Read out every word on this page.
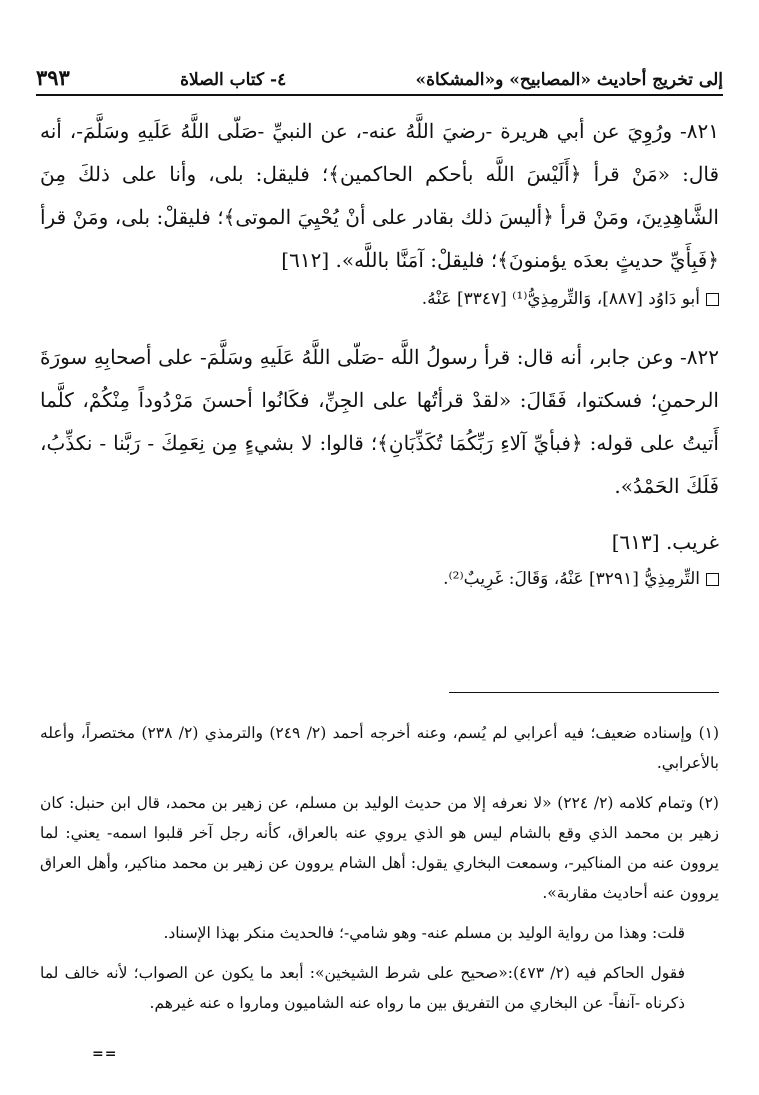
إلى تخريج أحاديث «المصابيح» و«المشكاة»
٤- كتاب الصلاة
٣٩٣

٨٢١- ورُوِيَ عن أبي هريرة -رضيَ اللَّهُ عنه-، عن النبيِّ -صَلّى اللَّهُ عَلَيهِ وسَلَّمَ-، أنه قال: «مَنْ قرأ ﴿أَلَيْسَ اللَّه بأحكم الحاكمين﴾؛ فليقل: بلى، وأنا على ذلكَ مِنَ الشَّاهِدِينَ، ومَنْ قرأ ﴿أليسَ ذلك بقادر على أنْ يُحْيِيَ الموتى﴾؛ فليقلْ: بلى، ومَنْ قرأ ﴿فَبِأَيِّ حديثٍ بعدَه يؤمنونَ﴾؛ فليقلْ: آمَنَّا باللَّه». [٦١٢]

أبو دَاوُد [٨٨٧]، وَالتِّرمِذِيُّ⁽¹⁾ [٣٣٤٧] عَنْهُ.

٨٢٢- وعن جابر، أنه قال: قرأ رسولُ اللَّه -صَلّى اللَّهُ عَلَيهِ وسَلَّمَ- على أصحابِهِ سورَةَ الرحمنِ؛ فسكتوا، فَقَالَ: «لقدْ قرأتُها على الجِنِّ، فكَانُوا أحسنَ مَرْدُوداً مِنْكُمْ، كلَّما أَتيتُ على قوله: ﴿فبأيِّ آلاءِ رَبِّكُمَا تُكَذِّبَانِ﴾؛ قالوا: لا بشيءٍ مِن نِعَمِكَ - رَبَّنا - نكذِّبُ، فَلَكَ الحَمْدُ».

غريب. [٦١٣]

التِّرمِذِيُّ [٣٢٩١] عَنْهُ، وَقَالَ: غَرِيبٌ⁽²⁾.

(١) وإسناده ضعيف؛ فيه أعرابي لم يُسم، وعنه أخرجه أحمد (٢/ ٢٤٩) والترمذي (٢/ ٢٣٨) مختصراً، وأعله بالأعرابي.

(٢) وتمام كلامه (٢/ ٢٢٤) «لا نعرفه إلا من حديث الوليد بن مسلم، عن زهير بن محمد، قال ابن حنبل: كان زهير بن محمد الذي وقع بالشام ليس هو الذي يروي عنه بالعراق، كأنه رجل آخر قلبوا اسمه- يعني: لما يروون عنه من المناكير-، وسمعت البخاري يقول: أهل الشام يروون عن زهير بن محمد مناكير، وأهل العراق يروون عنه أحاديث مقاربة».

قلت: وهذا من رواية الوليد بن مسلم عنه- وهو شامي-؛ فالحديث منكر بهذا الإسناد.

فقول الحاكم فيه (٢/ ٤٧٣):«صحيح على شرط الشيخين»: أبعد ما يكون عن الصواب؛ لأنه خالف لما ذكرناه -آنفاً- عن البخاري من التفريق بين ما رواه عنه الشاميون وماروا ه عنه غيرهم.

==
